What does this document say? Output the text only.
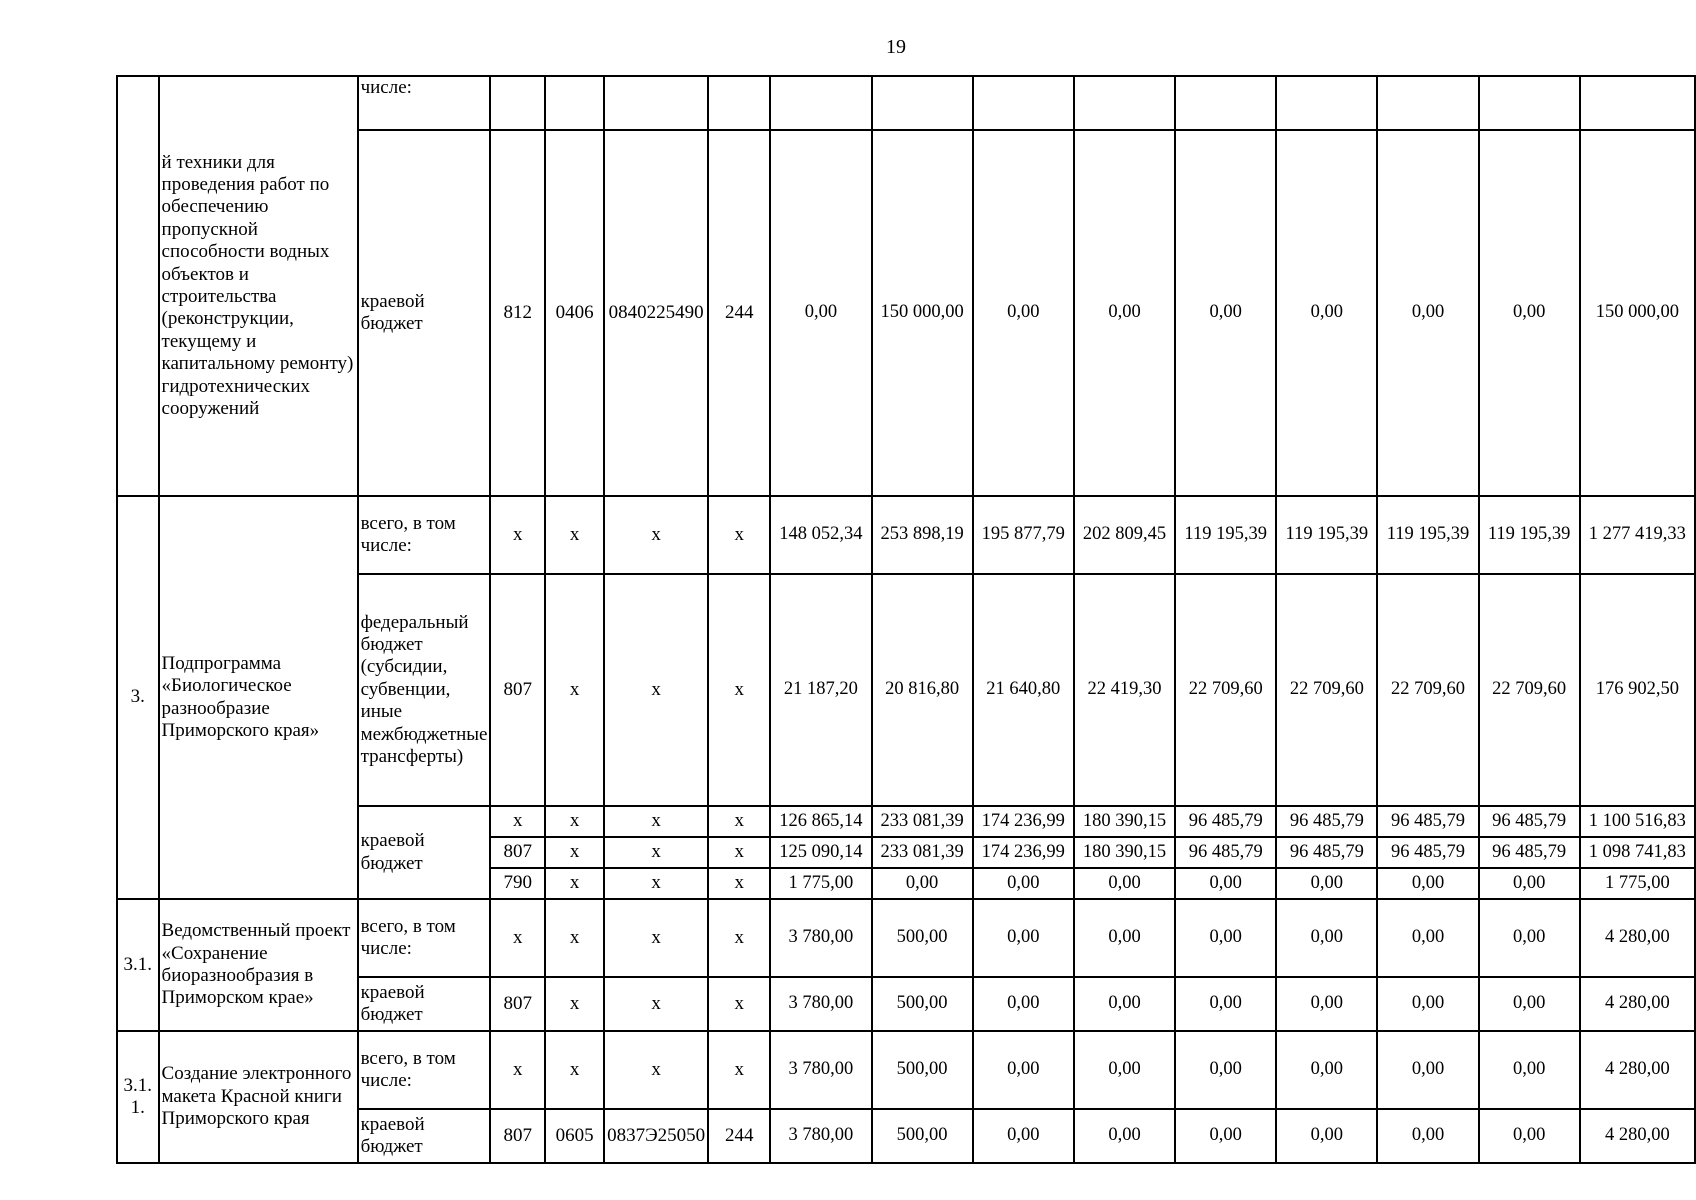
19
	й техники для проведения работ по обеспечению пропускной способности водных объектов и строительства (реконструкции, текущему и капитальному ремонту) гидротехнических сооружений	числе:													
		краевой бюджет	812	0406	0840225490	244	0,00	150 000,00	0,00	0,00	0,00	0,00	0,00	0,00	150 000,00
3.	Подпрограмма «Биологическое разнообразие Приморского края»	всего, в том числе:	x	x	x	x	148 052,34	253 898,19	195 877,79	202 809,45	119 195,39	119 195,39	119 195,39	119 195,39	1 277 419,33
		федеральный бюджет (субсидии, субвенции, иные межбюджетные трансферты)	807	x	x	x	21 187,20	20 816,80	21 640,80	22 419,30	22 709,60	22 709,60	22 709,60	22 709,60	176 902,50
		краевой бюджет	x	x	x	x	126 865,14	233 081,39	174 236,99	180 390,15	96 485,79	96 485,79	96 485,79	96 485,79	1 100 516,83
			807	x	x	x	125 090,14	233 081,39	174 236,99	180 390,15	96 485,79	96 485,79	96 485,79	96 485,79	1 098 741,83
			790	x	x	x	1 775,00	0,00	0,00	0,00	0,00	0,00	0,00	0,00	1 775,00
3.1.	Ведомственный проект «Сохранение биоразнообразия в Приморском крае»	всего, в том числе:	x	x	x	x	3 780,00	500,00	0,00	0,00	0,00	0,00	0,00	0,00	4 280,00
		краевой бюджет	807	x	x	x	3 780,00	500,00	0,00	0,00	0,00	0,00	0,00	0,00	4 280,00
3.1. 1.	Создание электронного макета Красной книги Приморского края	всего, в том числе:	x	x	x	x	3 780,00	500,00	0,00	0,00	0,00	0,00	0,00	0,00	4 280,00
		краевой бюджет	807	0605	0837Э25050	244	3 780,00	500,00	0,00	0,00	0,00	0,00	0,00	0,00	4 280,00
